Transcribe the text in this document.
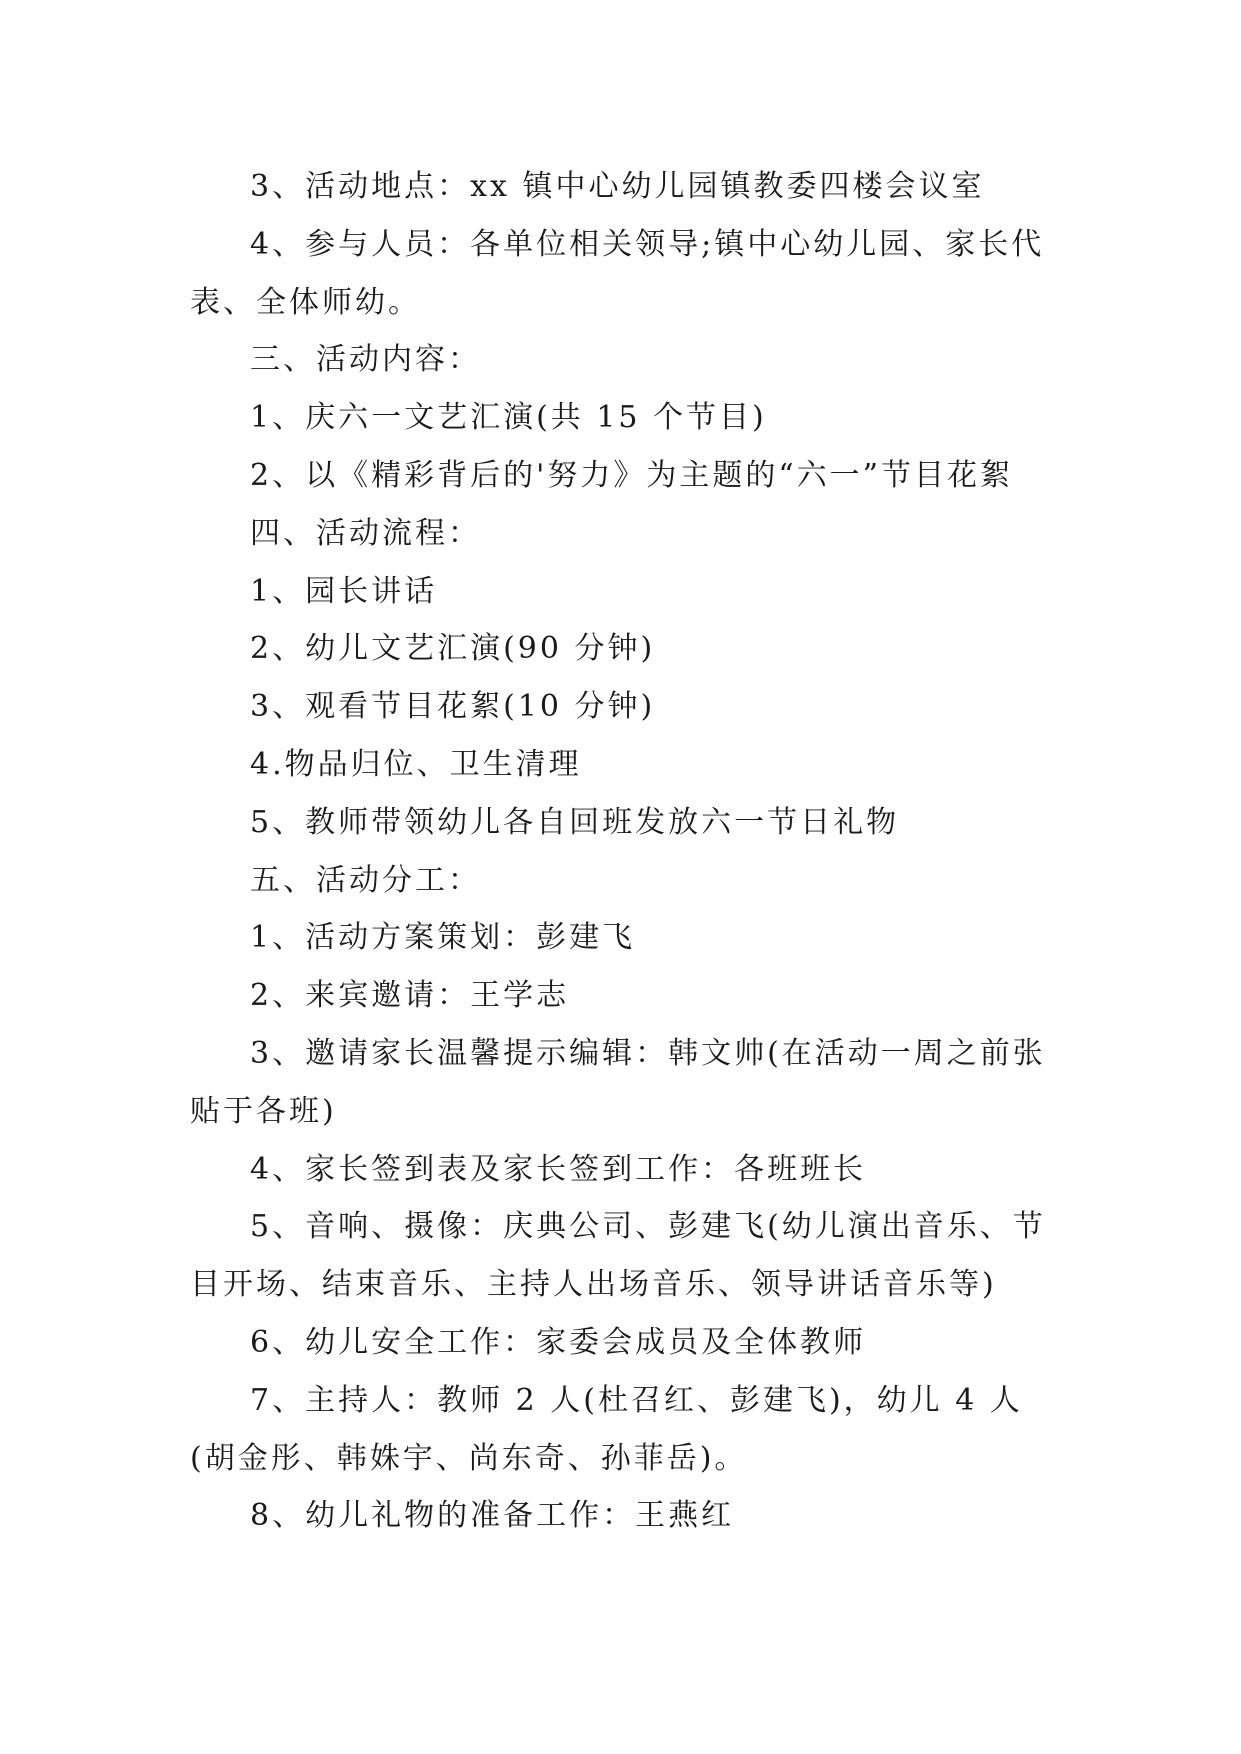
3、活动地点：xx 镇中心幼儿园镇教委四楼会议室

4、参与人员：各单位相关领导;镇中心幼儿园、家长代表、全体师幼。

三、活动内容：

1、庆六一文艺汇演(共 15 个节目)

2、以《精彩背后的'努力》为主题的“六一”节目花絮

四、活动流程：

1、园长讲话

2、幼儿文艺汇演(90 分钟)

3、观看节目花絮(10 分钟)

4.物品归位、卫生清理

5、教师带领幼儿各自回班发放六一节日礼物

五、活动分工：

1、活动方案策划：彭建飞

2、来宾邀请：王学志

3、邀请家长温馨提示编辑：韩文帅(在活动一周之前张贴于各班)

4、家长签到表及家长签到工作：各班班长

5、音响、摄像：庆典公司、彭建飞(幼儿演出音乐、节目开场、结束音乐、主持人出场音乐、领导讲话音乐等)

6、幼儿安全工作：家委会成员及全体教师

7、主持人：教师 2 人(杜召红、彭建飞)，幼儿 4 人(胡金彤、韩姝宇、尚东奇、孙菲岳)。

8、幼儿礼物的准备工作：王燕红
